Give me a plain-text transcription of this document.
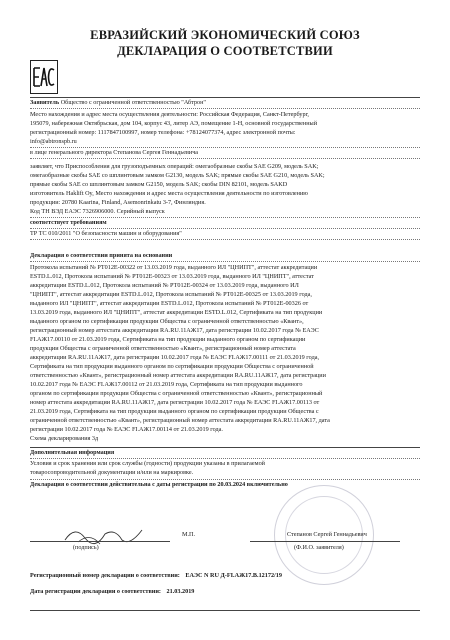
ЕВРАЗИЙСКИЙ ЭКОНОМИЧЕСКИЙ СОЮЗ
ДЕКЛАРАЦИЯ О СООТВЕТСТВИИ
Заявитель Общество с ограниченной ответственностью "Абтрон"
Место нахождения и адрес места осуществления деятельности: Российская Федерация, Санкт-Петербург,
195079, набережная Октябрьская, дом 104, корпус 43, литер АЭ, помещение 1-Н, основной государственный
регистрационный номер: 1117847100997, номер телефона: +78124077374, адрес электронной почты:
info@abtronspb.ru
в лице генерального директора Степанова Сергея Геннадьевича
заявляет, что Приспособления для грузоподъемных операций: омегаобразные скобы SAE G209, модель SAK;
омегаобразные скобы SAE со шплинтовым замком G2130, модель SAK; прямые скобы SAE G210, модель SAK;
прямые скобы SAE со шплинтовым замком G2150, модель SAK; скобы DIN 82101, модель SAKD
изготовитель Haklift Oy, Место нахождения и адрес места осуществления деятельности по изготовлению
продукции: 20780 Kaarina, Finland, Asemonrinkatu 3-7, Финляндия.
Код ТН ВЭД ЕАЭС 7326906000. Серийный выпуск
соответствует требованиям
ТР ТС 010/2011 "О безопасности машин и оборудования"
Декларация о соответствии принята на основании
Протокола испытаний № РТ012Е-00322 от 13.03.2019 года, выданного ИЛ "ЦНИПТ", аттестат аккредитации
ESTD.L.012, Протокола испытаний № РТ012Е-00323 от 13.03.2019 года, выданного ИЛ "ЦНИПТ", аттестат
аккредитации ESTD.L.012, Протокола испытаний № РТ012Е-00324 от 13.03.2019 года, выданного ИЛ
"ЦНИПТ", аттестат аккредитации ESTD.L.012, Протокола испытаний № РТ012Е-00325 от 13.03.2019 года,
выданного ИЛ "ЦНИПТ", аттестат аккредитации ESTD.L.012, Протокола испытаний № РТ012Е-00326 от
13.03.2019 года, выданного ИЛ "ЦНИПТ", аттестат аккредитации ESTD.L.012, Сертификата на тип продукции
выданного органом по сертификации продукции Общества с ограниченной ответственностью «Квант»,
регистрационный номер аттестата аккредитации RA.RU.11АЖ17, дата регистрации 10.02.2017 года № ЕАЭС
FI.АЖ17.00110 от 21.03.2019 года, Сертификата на тип продукции выданного органом по сертификации
продукции Общества с ограниченной ответственностью «Квант», регистрационный номер аттестата
аккредитации RA.RU.11АЖ17, дата регистрации 10.02.2017 года № ЕАЭС FI.АЖ17.00111 от 21.03.2019 года,
Сертификата на тип продукции выданного органом по сертификации продукции Общества с ограниченной
ответственностью «Квант», регистрационный номер аттестата аккредитации RA.RU.11АЖ17, дата регистрации
10.02.2017 года № ЕАЭС FI.АЖ17.00112 от 21.03.2019 года, Сертификата на тип продукции выданного
органом по сертификации продукции Общества с ограниченной ответственностью «Квант», регистрационный
номер аттестата аккредитации RA.RU.11АЖ17, дата регистрации 10.02.2017 года № ЕАЭС FI.АЖ17.00113 от
21.03.2019 года, Сертификата на тип продукции выданного органом по сертификации продукции Общества с
ограниченной ответственностью «Квант», регистрационный номер аттестата аккредитации RA.RU.11АЖ17, дата
регистрации 10.02.2017 года № ЕАЭС FI.АЖ17.00114 от 21.03.2019 года.
Схема декларирования 3д
Дополнительная информация
Условия и срок хранения или срок службы (годности) продукции указаны в прилагаемой
товаросопроводительной документации и/или на маркировке.
Декларация о соответствии действительна с даты регистрации по 20.03.2024 включительно
М.П.	Степанов Сергей Геннадьевич
(подпись)	(Ф.И.О. заявителя)
Регистрационный номер декларации о соответствии: ЕАЭС N RU Д-FI.АЖ17.В.12172/19
Дата регистрации декларации о соответствии: 21.03.2019
